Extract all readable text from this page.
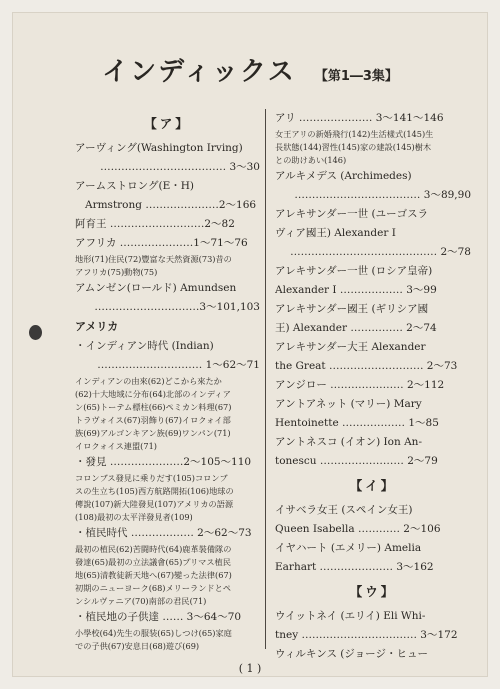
インディックス 【第1―3集】
【ア】
アーヴィング(Washington Irving)
……………………………… 3～30
アームストロング(E・H)
Armstrong …………………2～166
阿育王 ………………………2～82
アフリカ …………………1～71～76
地形(71)住民(72)豐富な天然資源(73)昔の
アフリカ(75)動物(75)
アムンゼン(ロールド) Amundsen
…………………………3～101,103
アメリカ
・インディアン時代 (Indian)
………………………… 1～62～71
インディアンの由來(62)どこから來たか
(62)十大地域に分布(64)北部のインディア
ン(65)トーテム標柱(66)ペミカン料理(67)
トラヴォイス(67)羽飾り(67)イロクォイ部
族(69)アルゴンキアン族(69)ワンパン(71)
イロクォイス連盟(71)
・發見 …………………2～105～110
コロンブス發見に乘りだす(105)コロンブ
スの生立ち(105)西方航路開拓(106)地球の
傳說(107)新大陸發見(107)アメリカの語源
(108)最初の太平洋發見者(109)
・植民時代 ……………… 2～62～73
最初の植民(62)苦闘時代(64)鹿革裝備隊の
發達(65)最初の立法議會(65)プリマス植民
地(65)清教徒新天地へ(67)變った法律(67)
初期のニューヨーク(68)メリーランドとペ
ンシルヴァニア(70)南部の君民(71)
・植民地の子供達 …… 3～64～70
小學校(64)先生の服装(65)しつけ(65)家庭
での子供(67)安息日(68)遊び(69)
アリ ………………… 3～141～146
女王アリの新婚飛行(142)生活樣式(145)生
長狀態(144)習性(145)家の建設(145)樹木
との助けあい(146)
アルキメデス (Archimedes)
……………………………… 3～89,90
アレキサンダー一世 (ユーゴスラ
ヴィア國王) Alexander I
…………………………………… 2～78
アレキサンダー一世 (ロシア皇帝)
Alexander I ……………… 3～99
アレキサンダー國王 (ギリシア國
王) Alexander …………… 2～74
アレキサンダー大王 Alexander
the Great ……………………… 2～73
アンジロー ………………… 2～112
アントアネット (マリー) Mary
Hentoinette ……………… 1～85
アントネスコ (イオン) Ion An-
tonescu …………………… 2～79
【イ】
イサベラ女王 (スペイン女王)
Queen Isabella ………… 2～106
イヤハート (エメリー) Amelia
Earhart ………………… 3～162
【ウ】
ウイットネイ (エリイ) Eli Whi-
tney …………………………… 3～172
ウィルキンス (ジョージ・ヒュー
( 1 )
